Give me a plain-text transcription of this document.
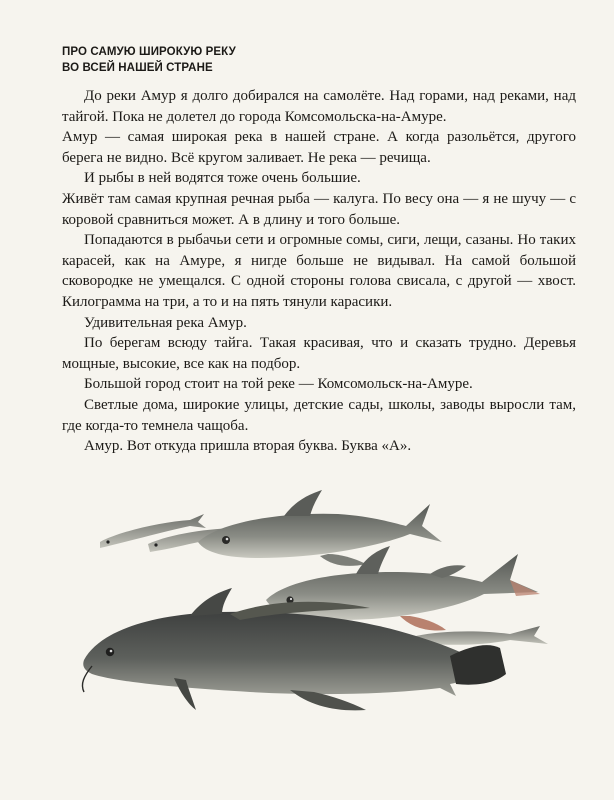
ПРО САМУЮ ШИРОКУЮ РЕКУ
ВО ВСЕЙ НАШЕЙ СТРАНЕ

До реки Амур я долго добирался на самолёте. Над горами, над реками, над тайгой. Пока не долетел до города Комсомольска-на-Амуре.

Амур — самая широкая река в нашей стране. А когда разольётся, другого берега не видно. Всё кругом заливает. Не река — речища.

И рыбы в ней водятся тоже очень большие.

Живёт там самая крупная речная рыба — калуга. По весу она — я не шучу — с коровой сравниться может. А в длину и того больше.

Попадаются в рыбачьи сети и огромные сомы, сиги, лещи, сазаны. Но таких карасей, как на Амуре, я нигде больше не видывал. На самой большой сковородке не умещался. С одной стороны голова свисала, с другой — хвост. Килограмма на три, а то и на пять тянули карасики.

Удивительная река Амур.

По берегам всюду тайга. Такая красивая, что и сказать трудно. Деревья мощные, высокие, все как на подбор.

Большой город стоит на той реке — Комсомольск-на-Амуре.

Светлые дома, широкие улицы, детские сады, школы, заводы выросли там, где когда-то темнела чащоба.

Амур. Вот откуда пришла вторая буква. Буква «А».
